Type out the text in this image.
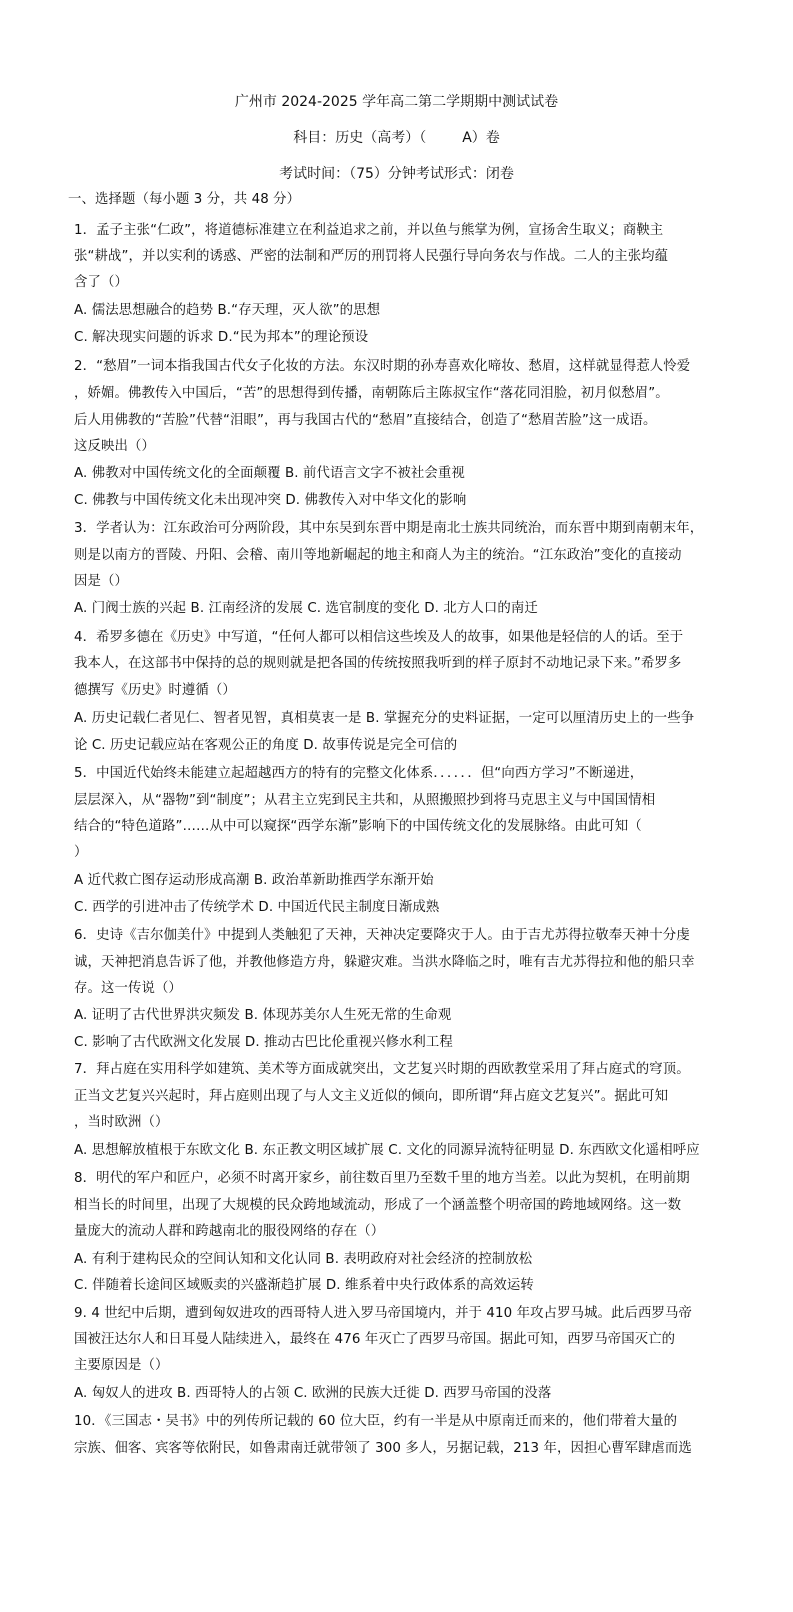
广州市 2024-2025 学年高二第二学期期中测试试卷
科目：历史（高考）（	A）卷
考试时间：（75）分钟考试形式：闭卷
一、选择题（每小题 3 分，共 48 分）
1．孟子主张“仁政”，将道德标准建立在利益追求之前，并以鱼与熊掌为例，宣扬舍生取义；商鞅主
张“耕战”，并以实利的诱惑、严密的法制和严厉的刑罚将人民强行导向务农与作战。二人的主张均蕴
含了（）
A. 儒法思想融合的趋势 B.“存天理，灭人欲”的思想
C. 解决现实问题的诉求 D.“民为邦本”的理论预设
2．“愁眉”一词本指我国古代女子化妆的方法。东汉时期的孙寿喜欢化啼妆、愁眉，这样就显得惹人怜爱
，娇媚。佛教传入中国后，“苦”的思想得到传播，南朝陈后主陈叔宝作“落花同泪脸，初月似愁眉”。
后人用佛教的“苦脸”代替“泪眼”，再与我国古代的“愁眉”直接结合，创造了“愁眉苦脸”这一成语。
这反映出（）
A. 佛教对中国传统文化的全面颠覆 B. 前代语言文字不被社会重视
C. 佛教与中国传统文化未出现冲突 D. 佛教传入对中华文化的影响
3．学者认为：江东政治可分两阶段，其中东吴到东晋中期是南北士族共同统治，而东晋中期到南朝末年，
则是以南方的晋陵、丹阳、会稽、南川等地新崛起的地主和商人为主的统治。“江东政治”变化的直接动
因是（）
A. 门阀士族的兴起 B. 江南经济的发展 C. 选官制度的变化 D. 北方人口的南迁
4．希罗多德在《历史》中写道，“任何人都可以相信这些埃及人的故事，如果他是轻信的人的话。至于
我本人，在这部书中保持的总的规则就是把各国的传统按照我听到的样子原封不动地记录下来。”希罗多
德撰写《历史》时遵循（）
A. 历史记载仁者见仁、智者见智，真相莫衷一是 B. 掌握充分的史料证据，一定可以厘清历史上的一些争
论 C. 历史记载应站在客观公正的角度 D. 故事传说是完全可信的
5．中国近代始终未能建立起超越西方的特有的完整文化体系．．．．．．但“向西方学习”不断递进，
层层深入，从“器物”到“制度”；从君主立宪到民主共和，从照搬照抄到将马克思主义与中国国情相
结合的“特色道路”……从中可以窥探“西学东渐”影响下的中国传统文化的发展脉络。由此可知（
）
A 近代救亡图存运动形成高潮 B. 政治革新助推西学东渐开始
C. 西学的引进冲击了传统学术 D. 中国近代民主制度日渐成熟
6．史诗《吉尔伽美什》中提到人类触犯了天神，天神决定要降灾于人。由于吉尤苏得拉敬奉天神十分虔
诚，天神把消息告诉了他，并教他修造方舟，躲避灾难。当洪水降临之时，唯有吉尤苏得拉和他的船只幸
存。这一传说（）
A. 证明了古代世界洪灾频发 B. 体现苏美尔人生死无常的生命观
C. 影响了古代欧洲文化发展 D. 推动古巴比伦重视兴修水利工程
7．拜占庭在实用科学如建筑、美术等方面成就突出，文艺复兴时期的西欧教堂采用了拜占庭式的穹顶。
正当文艺复兴兴起时，拜占庭则出现了与人文主义近似的倾向，即所谓“拜占庭文艺复兴”。据此可知
，当时欧洲（）
A. 思想解放植根于东欧文化 B. 东正教文明区域扩展 C. 文化的同源异流特征明显 D. 东西欧文化遥相呼应
8．明代的军户和匠户，必须不时离开家乡，前往数百里乃至数千里的地方当差。以此为契机，在明前期
相当长的时间里，出现了大规模的民众跨地域流动，形成了一个涵盖整个明帝国的跨地域网络。这一数
量庞大的流动人群和跨越南北的服役网络的存在（）
A. 有利于建构民众的空间认知和文化认同 B. 表明政府对社会经济的控制放松
C. 伴随着长途间区域贩卖的兴盛渐趋扩展 D. 维系着中央行政体系的高效运转
9. 4 世纪中后期，遭到匈奴进攻的西哥特人进入罗马帝国境内，并于 410 年攻占罗马城。此后西罗马帝
国被汪达尔人和日耳曼人陆续进入，最终在 476 年灭亡了西罗马帝国。据此可知，西罗马帝国灭亡的
主要原因是（）
A. 匈奴人的进攻 B. 西哥特人的占领 C. 欧洲的民族大迁徙 D. 西罗马帝国的没落
10．《三国志・吴书》中的列传所记载的 60 位大臣，约有一半是从中原南迁而来的，他们带着大量的
宗族、佃客、宾客等依附民，如鲁肃南迁就带领了 300 多人，另据记载，213 年，因担心曹军肆虐而选
